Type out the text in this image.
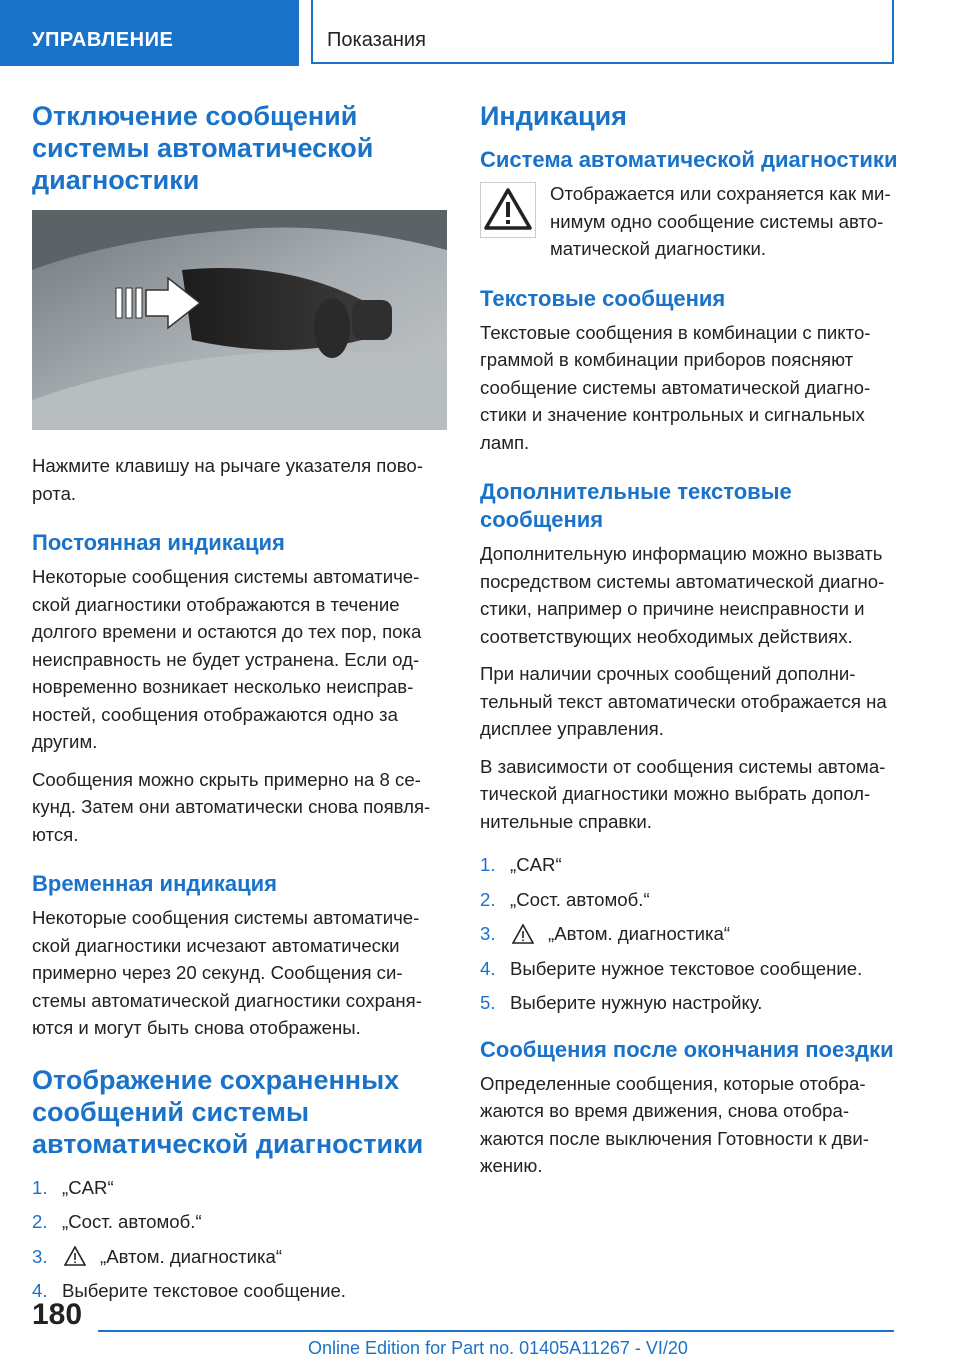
УПРАВЛЕНИЕ	Показания
Отключение сообщений системы автоматической диагностики

Нажмите клавишу на рычаге указателя пово-рота.

Постоянная индикация

Некоторые сообщения системы автоматиче-ской диагностики отображаются в течение долгого времени и остаются до тех пор, пока неисправность не будет устранена. Если од-новременно возникает несколько неисправ-ностей, сообщения отображаются одно за другим.

Сообщения можно скрыть примерно на 8 се-кунд. Затем они автоматически снова появля-ются.

Временная индикация

Некоторые сообщения системы автоматиче-ской диагностики исчезают автоматически примерно через 20 секунд. Сообщения си-стемы автоматической диагностики сохраня-ются и могут быть снова отображены.

Отображение сохраненных сообщений системы автоматической диагностики
1. „CAR“
2. „Сост. автомоб.“
3.	„Автом. диагностика“
4. Выберите текстовое сообщение.
Индикация
Система автоматической диагностики

Отображается или сохраняется как ми-нимум одно сообщение системы авто-матической диагностики.

Текстовые сообщения

Текстовые сообщения в комбинации с пикто-граммой в комбинации приборов поясняют сообщение системы автоматической диагно-стики и значение контрольных и сигнальных ламп.

Дополнительные текстовые сообщения

Дополнительную информацию можно вызвать посредством системы автоматической диагно-стики, например о причине неисправности и соответствующих необходимых действиях.

При наличии срочных сообщений дополни-тельный текст автоматически отображается на дисплее управления.

В зависимости от сообщения системы автома-тической диагностики можно выбрать допол-нительные справки.

1. „CAR“
2. „Сост. автомоб.“
3.	„Автом. диагностика“
4. Выберите нужное текстовое сообщение.
5. Выберите нужную настройку.
Сообщения после окончания поездки

Определенные сообщения, которые отобра-жаются во время движения, снова отобра-жаются после выключения Готовности к дви-жению.

180
Online Edition for Part no. 01405A11267 - VI/20
